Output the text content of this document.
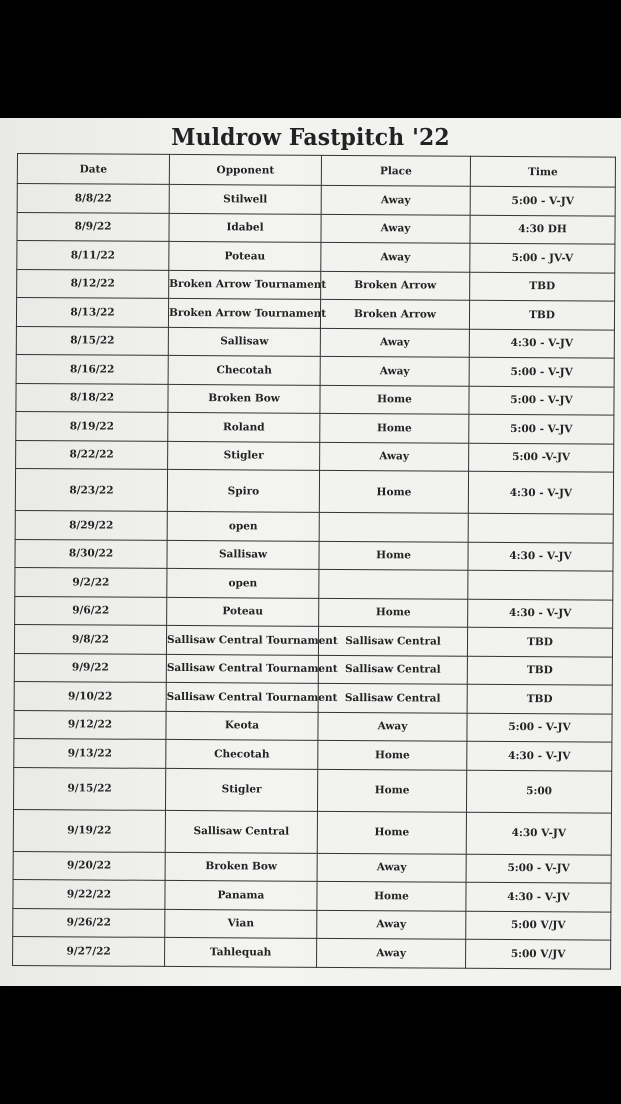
Muldrow Fastpitch '22
Date	Opponent	Place	Time
8/8/22	Stilwell	Away	5:00 - V-JV
8/9/22	Idabel	Away	4:30 DH
8/11/22	Poteau	Away	5:00 - JV-V
8/12/22	Broken Arrow Tournament	Broken Arrow	TBD
8/13/22	Broken Arrow Tournament	Broken Arrow	TBD
8/15/22	Sallisaw	Away	4:30 - V-JV
8/16/22	Checotah	Away	5:00 - V-JV
8/18/22	Broken Bow	Home	5:00 - V-JV
8/19/22	Roland	Home	5:00 - V-JV
8/22/22	Stigler	Away	5:00 -V-JV
8/23/22	Spiro	Home	4:30 - V-JV
8/29/22	open		
8/30/22	Sallisaw	Home	4:30 - V-JV
9/2/22	open		
9/6/22	Poteau	Home	4:30 - V-JV
9/8/22	Sallisaw Central Tournament	Sallisaw Central	TBD
9/9/22	Sallisaw Central Tournament	Sallisaw Central	TBD
9/10/22	Sallisaw Central Tournament	Sallisaw Central	TBD
9/12/22	Keota	Away	5:00 - V-JV
9/13/22	Checotah	Home	4:30 - V-JV
9/15/22	Stigler	Home	5:00
9/19/22	Sallisaw Central	Home	4:30 V-JV
9/20/22	Broken Bow	Away	5:00 - V-JV
9/22/22	Panama	Home	4:30 - V-JV
9/26/22	Vian	Away	5:00 V/JV
9/27/22	Tahlequah	Away	5:00 V/JV
